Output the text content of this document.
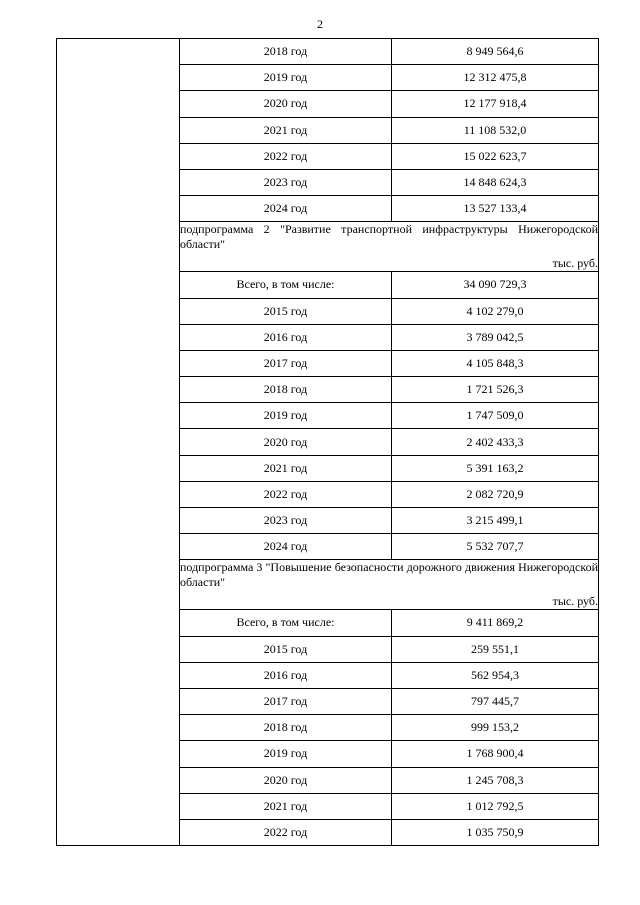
2
	2018 год	8 949 564,6
	2019 год	12 312 475,8
	2020 год	12 177 918,4
	2021 год	11 108 532,0
	2022 год	15 022 623,7
	2023 год	14 848 624,3
	2024 год	13 527 133,4

	подпрограмма 2 "Развитие транспортной инфраструктуры Нижегородской области"
тыс. руб.	

	Всего, в том числе:	34 090 729,3
	2015 год	4 102 279,0
	2016 год	3 789 042,5
	2017 год	4 105 848,3
	2018 год	1 721 526,3
	2019 год	1 747 509,0
	2020 год	2 402 433,3
	2021 год	5 391 163,2
	2022 год	2 082 720,9
	2023 год	3 215 499,1
	2024 год	5 532 707,7

	подпрограмма 3 "Повышение безопасности дорожного движения Нижегородской области"
тыс. руб.	

	Всего, в том числе:	9 411 869,2
	2015 год	259 551,1
	2016 год	562 954,3
	2017 год	797 445,7
	2018 год	999 153,2
	2019 год	1 768 900,4
	2020 год	1 245 708,3
	2021 год	1 012 792,5
	2022 год	1 035 750,9
